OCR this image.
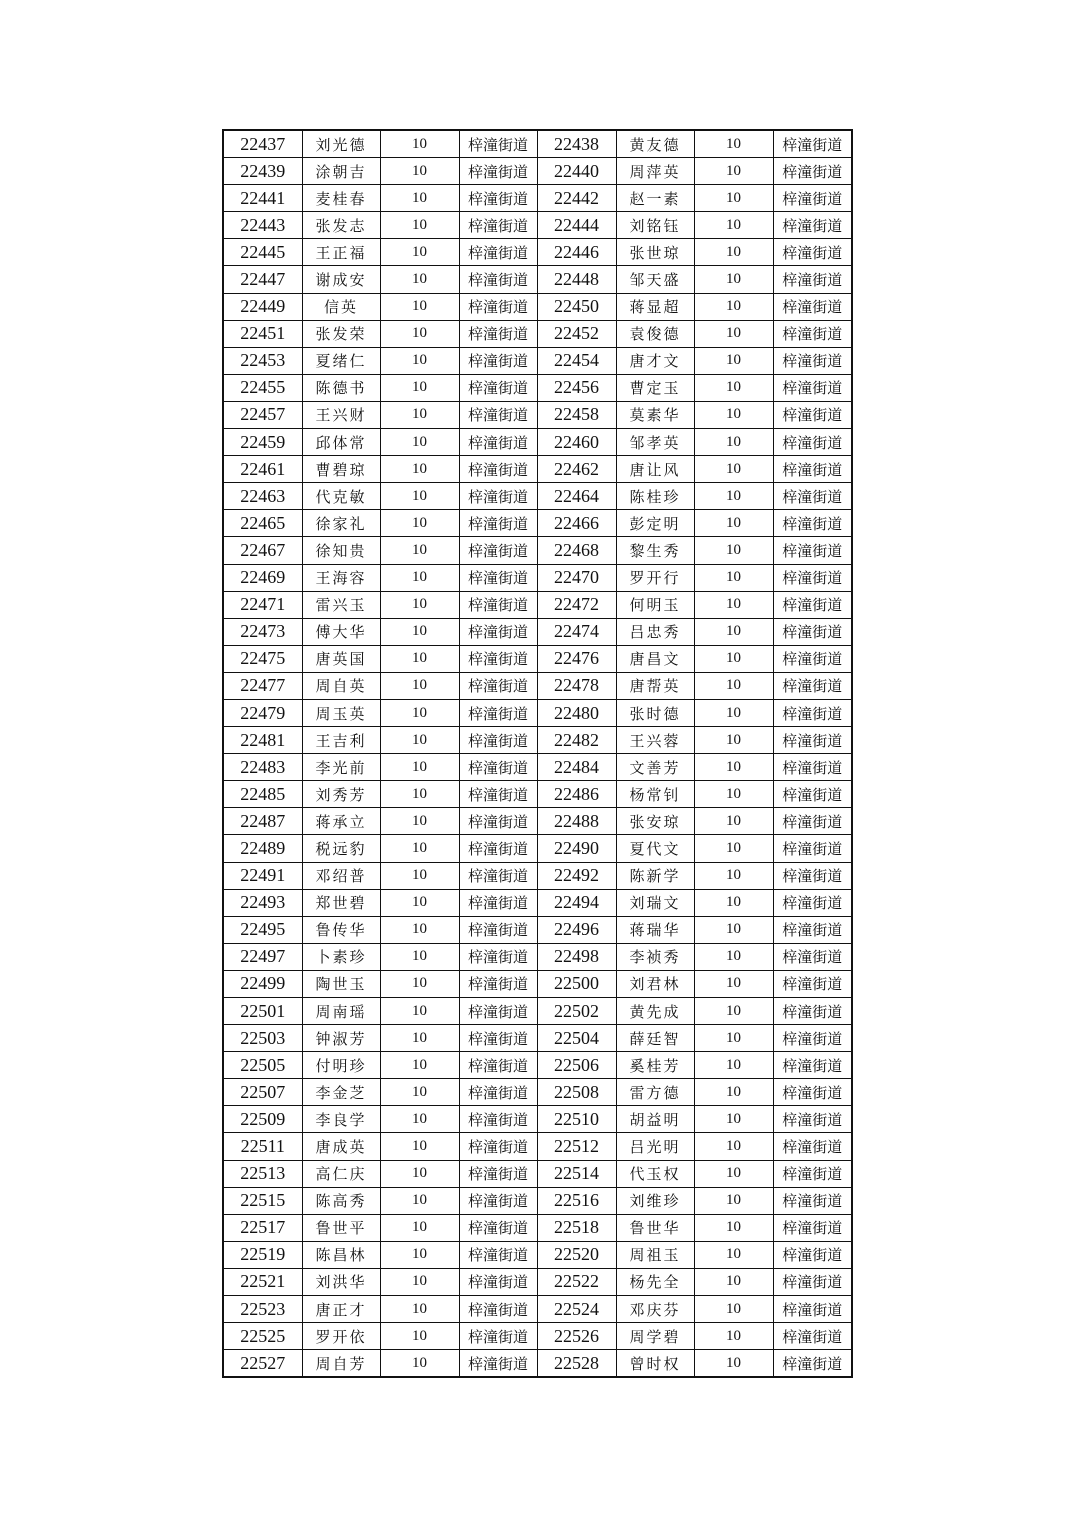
22437	刘光德	10	梓潼街道	22438	黄友德	10	梓潼街道
22439	涂朝吉	10	梓潼街道	22440	周萍英	10	梓潼街道
22441	麦桂春	10	梓潼街道	22442	赵一素	10	梓潼街道
22443	张发志	10	梓潼街道	22444	刘铭钰	10	梓潼街道
22445	王正福	10	梓潼街道	22446	张世琼	10	梓潼街道
22447	谢成安	10	梓潼街道	22448	邹天盛	10	梓潼街道
22449	信英	10	梓潼街道	22450	蒋显超	10	梓潼街道
22451	张发荣	10	梓潼街道	22452	袁俊德	10	梓潼街道
22453	夏绪仁	10	梓潼街道	22454	唐才文	10	梓潼街道
22455	陈德书	10	梓潼街道	22456	曹定玉	10	梓潼街道
22457	王兴财	10	梓潼街道	22458	莫素华	10	梓潼街道
22459	邱体常	10	梓潼街道	22460	邹孝英	10	梓潼街道
22461	曹碧琼	10	梓潼街道	22462	唐让风	10	梓潼街道
22463	代克敏	10	梓潼街道	22464	陈桂珍	10	梓潼街道
22465	徐家礼	10	梓潼街道	22466	彭定明	10	梓潼街道
22467	徐知贵	10	梓潼街道	22468	黎生秀	10	梓潼街道
22469	王海容	10	梓潼街道	22470	罗开行	10	梓潼街道
22471	雷兴玉	10	梓潼街道	22472	何明玉	10	梓潼街道
22473	傅大华	10	梓潼街道	22474	吕忠秀	10	梓潼街道
22475	唐英国	10	梓潼街道	22476	唐昌文	10	梓潼街道
22477	周自英	10	梓潼街道	22478	唐帮英	10	梓潼街道
22479	周玉英	10	梓潼街道	22480	张时德	10	梓潼街道
22481	王吉利	10	梓潼街道	22482	王兴蓉	10	梓潼街道
22483	李光前	10	梓潼街道	22484	文善芳	10	梓潼街道
22485	刘秀芳	10	梓潼街道	22486	杨常钊	10	梓潼街道
22487	蒋承立	10	梓潼街道	22488	张安琼	10	梓潼街道
22489	税远豹	10	梓潼街道	22490	夏代文	10	梓潼街道
22491	邓绍普	10	梓潼街道	22492	陈新学	10	梓潼街道
22493	郑世碧	10	梓潼街道	22494	刘瑞文	10	梓潼街道
22495	鲁传华	10	梓潼街道	22496	蒋瑞华	10	梓潼街道
22497	卜素珍	10	梓潼街道	22498	李祯秀	10	梓潼街道
22499	陶世玉	10	梓潼街道	22500	刘君林	10	梓潼街道
22501	周南瑶	10	梓潼街道	22502	黄先成	10	梓潼街道
22503	钟淑芳	10	梓潼街道	22504	薛廷智	10	梓潼街道
22505	付明珍	10	梓潼街道	22506	奚桂芳	10	梓潼街道
22507	李金芝	10	梓潼街道	22508	雷方德	10	梓潼街道
22509	李良学	10	梓潼街道	22510	胡益明	10	梓潼街道
22511	唐成英	10	梓潼街道	22512	吕光明	10	梓潼街道
22513	高仁庆	10	梓潼街道	22514	代玉权	10	梓潼街道
22515	陈高秀	10	梓潼街道	22516	刘维珍	10	梓潼街道
22517	鲁世平	10	梓潼街道	22518	鲁世华	10	梓潼街道
22519	陈昌林	10	梓潼街道	22520	周祖玉	10	梓潼街道
22521	刘洪华	10	梓潼街道	22522	杨先全	10	梓潼街道
22523	唐正才	10	梓潼街道	22524	邓庆芬	10	梓潼街道
22525	罗开依	10	梓潼街道	22526	周学碧	10	梓潼街道
22527	周自芳	10	梓潼街道	22528	曾时权	10	梓潼街道
